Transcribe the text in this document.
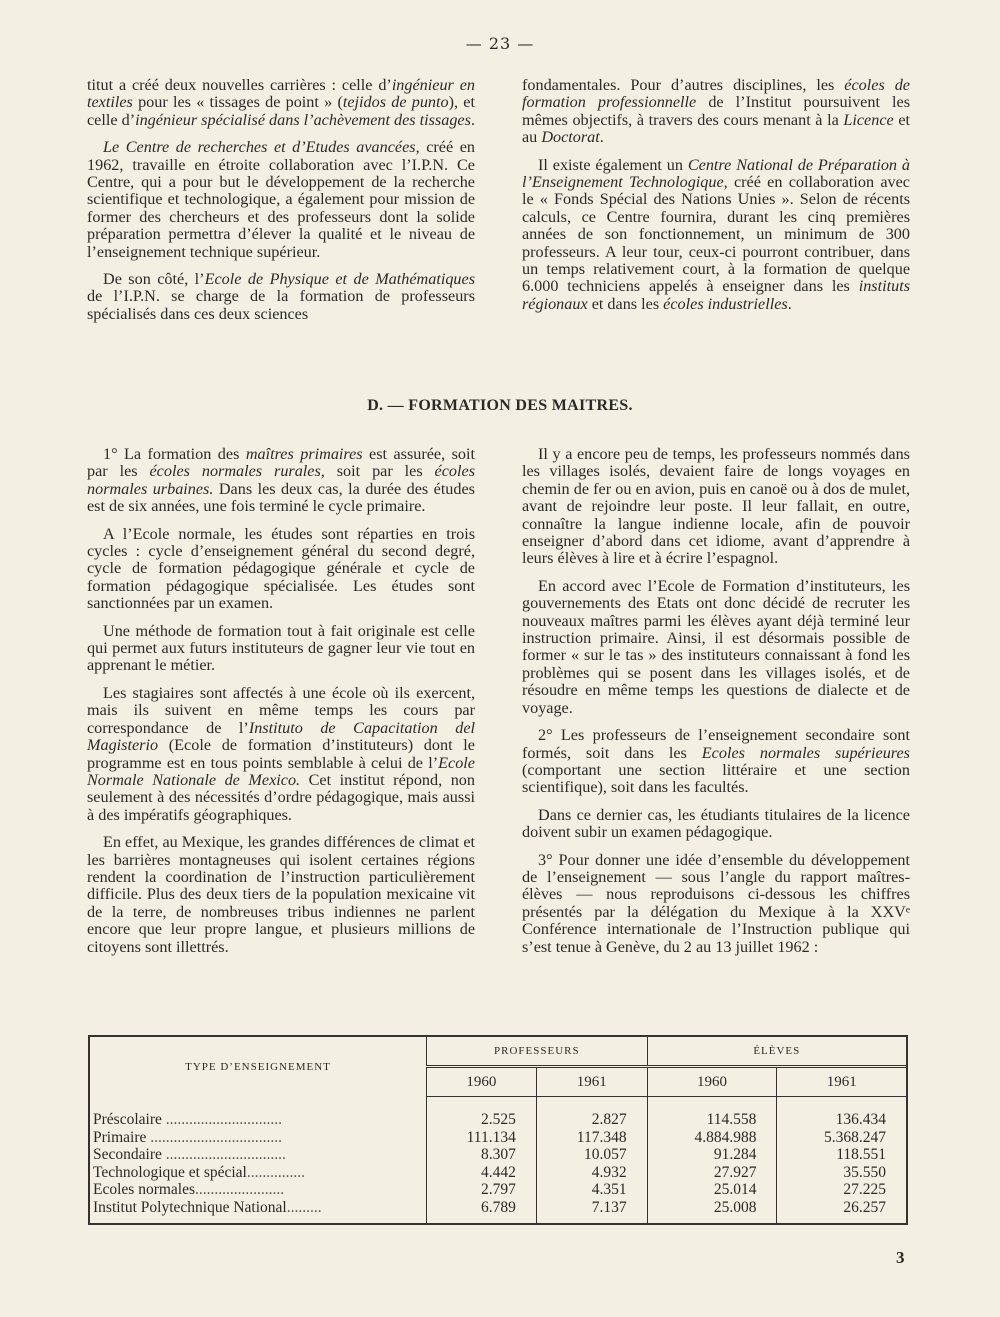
— 23 —

titut a créé deux nouvelles carrières : celle d’ingénieur en textiles pour les « tissages de point » (tejidos de punto), et celle d’ingénieur spécialisé dans l’achèvement des tissages.

Le Centre de recherches et d’Etudes avancées, créé en 1962, travaille en étroite collaboration avec l’I.P.N. Ce Centre, qui a pour but le développement de la recherche scientifique et technologique, a également pour mission de former des chercheurs et des professeurs dont la solide préparation permettra d’élever la qualité et le niveau de l’enseignement technique supérieur.

De son côté, l’Ecole de Physique et de Mathématiques de l’I.P.N. se charge de la formation de professeurs spécialisés dans ces deux sciences

fondamentales. Pour d’autres disciplines, les écoles de formation professionnelle de l’Institut poursuivent les mêmes objectifs, à travers des cours menant à la Licence et au Doctorat.

Il existe également un Centre National de Préparation à l’Enseignement Technologique, créé en collaboration avec le « Fonds Spécial des Nations Unies ». Selon de récents calculs, ce Centre fournira, durant les cinq premières années de son fonctionnement, un minimum de 300 professeurs. A leur tour, ceux-ci pourront contribuer, dans un temps relativement court, à la formation de quelque 6.000 techniciens appelés à enseigner dans les instituts régionaux et dans les écoles industrielles.

D. — FORMATION DES MAITRES.

1° La formation des maîtres primaires est assurée, soit par les écoles normales rurales, soit par les écoles normales urbaines. Dans les deux cas, la durée des études est de six années, une fois terminé le cycle primaire.

A l’Ecole normale, les études sont réparties en trois cycles : cycle d’enseignement général du second degré, cycle de formation pédagogique générale et cycle de formation pédagogique spécialisée. Les études sont sanctionnées par un examen.

Une méthode de formation tout à fait originale est celle qui permet aux futurs instituteurs de gagner leur vie tout en apprenant le métier.

Les stagiaires sont affectés à une école où ils exercent, mais ils suivent en même temps les cours par correspondance de l’Instituto de Capacitation del Magisterio (Ecole de formation d’instituteurs) dont le programme est en tous points semblable à celui de l’Ecole Normale Nationale de Mexico. Cet institut répond, non seulement à des nécessités d’ordre pédagogique, mais aussi à des impératifs géographiques.

En effet, au Mexique, les grandes différences de climat et les barrières montagneuses qui isolent certaines régions rendent la coordination de l’instruction particulièrement difficile. Plus des deux tiers de la population mexicaine vit de la terre, de nombreuses tribus indiennes ne parlent encore que leur propre langue, et plusieurs millions de citoyens sont illettrés.

Il y a encore peu de temps, les professeurs nommés dans les villages isolés, devaient faire de longs voyages en chemin de fer ou en avion, puis en canoë ou à dos de mulet, avant de rejoindre leur poste. Il leur fallait, en outre, connaître la langue indienne locale, afin de pouvoir enseigner d’abord dans cet idiome, avant d’apprendre à leurs élèves à lire et à écrire l’espagnol.

En accord avec l’Ecole de Formation d’instituteurs, les gouvernements des Etats ont donc décidé de recruter les nouveaux maîtres parmi les élèves ayant déjà terminé leur instruction primaire. Ainsi, il est désormais possible de former « sur le tas » des instituteurs connaissant à fond les problèmes qui se posent dans les villages isolés, et de résoudre en même temps les questions de dialecte et de voyage.

2° Les professeurs de l’enseignement secondaire sont formés, soit dans les Ecoles normales supérieures (comportant une section littéraire et une section scientifique), soit dans les facultés.

Dans ce dernier cas, les étudiants titulaires de la licence doivent subir un examen pédagogique.

3° Pour donner une idée d’ensemble du développement de l’enseignement — sous l’angle du rapport maîtres-élèves — nous reproduisons ci-dessous les chiffres présentés par la délégation du Mexique à la XXVᵉ Conférence internationale de l’Instruction publique qui s’est tenue à Genève, du 2 au 13 juillet 1962 :

TYPE D’ENSEIGNEMENT	PROFESSEURS		ÉLÈVES	
	1960	1961	1960	1961
Préscolaire ..............................	2.525	2.827	114.558	136.434
Primaire ..................................	111.134	117.348	4.884.988	5.368.247
Secondaire ...............................	8.307	10.057	91.284	118.551
Technologique et spécial...............	4.442	4.932	27.927	35.550
Ecoles normales.......................	2.797	4.351	25.014	27.225
Institut Polytechnique National.........	6.789	7.137	25.008	26.257

3
